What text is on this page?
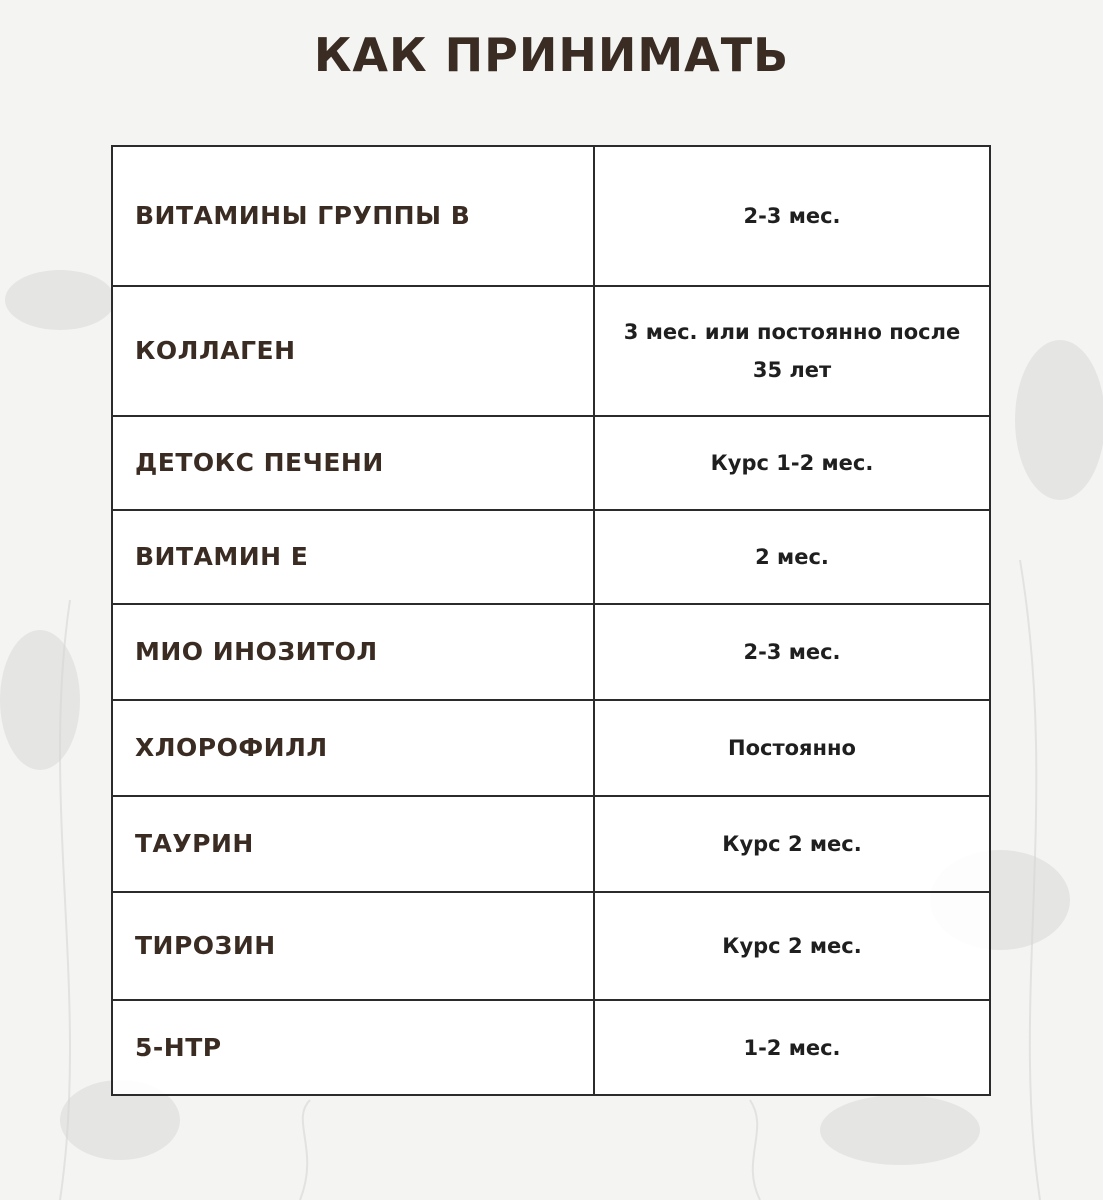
КАК ПРИНИМАТЬ
ВИТАМИНЫ ГРУППЫ В	2-3 мес.
КОЛЛАГЕН	3 мес. или постоянно после 35 лет
ДЕТОКС ПЕЧЕНИ	Курс 1-2 мес.
ВИТАМИН Е	2 мес.
МИО ИНОЗИТОЛ	2-3 мес.
ХЛОРОФИЛЛ	Постоянно
ТАУРИН	Курс 2 мес.
ТИРОЗИН	Курс 2 мес.
5-HTP	1-2 мес.
